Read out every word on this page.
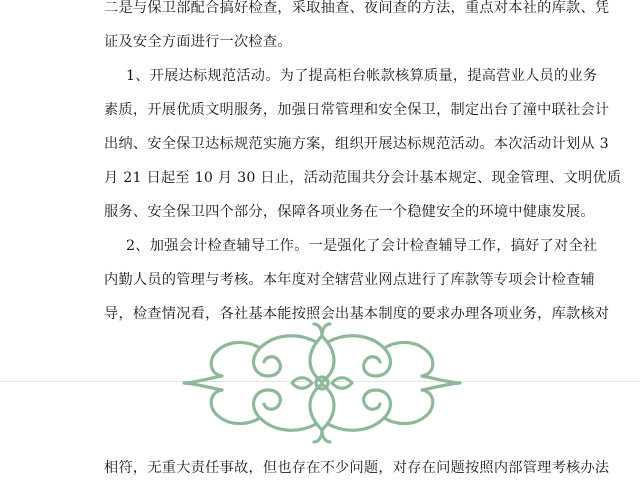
二是与保卫部配合搞好检查，采取抽查、夜间查的方法，重点对本社的库款、凭
证及安全方面进行一次检查。
1、开展达标规范活动。为了提高柜台帐款核算质量，提高营业人员的业务
素质，开展优质文明服务，加强日常管理和安全保卫，制定出台了潼中联社会计
出纳、安全保卫达标规范实施方案，组织开展达标规范活动。本次活动计划从 3
月 21 日起至 10 月 30 日止，活动范围共分会计基本规定、现金管理、文明优质
服务、安全保卫四个部分，保障各项业务在一个稳健安全的环境中健康发展。
2、加强会计检查辅导工作。一是强化了会计检查辅导工作，搞好了对全社
内勤人员的管理与考核。本年度对全辖营业网点进行了库款等专项会计检查辅
导，检查情况看，各社基本能按照会出基本制度的要求办理各项业务，库款核对
相符，无重大责任事故，但也存在不少问题，对存在问题按照内部管理考核办法
